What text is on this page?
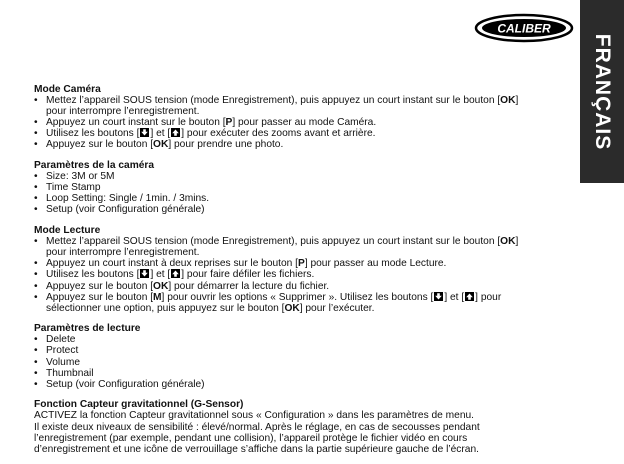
CALIBER
FRANÇAIS
Mode Caméra
• Mettez l’appareil SOUS tension (mode Enregistrement), puis appuyez un court instant sur le bouton [OK]
pour interrompre l’enregistrement.
• Appuyez un court instant sur le bouton [P] pour passer au mode Caméra.
• Utilisez les boutons [ ] et [ ] pour exécuter des zooms avant et arrière.
• Appuyez sur le bouton [OK] pour prendre une photo.
Paramètres de la caméra
• Size: 3M or 5M
• Time Stamp
• Loop Setting: Single / 1min. / 3mins.
• Setup (voir Configuration générale)
Mode Lecture
• Mettez l’appareil SOUS tension (mode Enregistrement), puis appuyez un court instant sur le bouton [OK]
pour interrompre l’enregistrement.
• Appuyez un court instant à deux reprises sur le bouton [P] pour passer au mode Lecture.
• Utilisez les boutons [ ] et [ ] pour faire défiler les fichiers.
• Appuyez sur le bouton [OK] pour démarrer la lecture du fichier.
• Appuyez sur le bouton [M] pour ouvrir les options « Supprimer ». Utilisez les boutons [ ] et [ ] pour
sélectionner une option, puis appuyez sur le bouton [OK] pour l’exécuter.
Paramètres de lecture
• Delete
• Protect
• Volume
• Thumbnail
• Setup (voir Configuration générale)
Fonction Capteur gravitationnel (G-Sensor)

ACTIVEZ la fonction Capteur gravitationnel sous « Configuration » dans les paramètres de menu.

Il existe deux niveaux de sensibilité : élevé/normal. Après le réglage, en cas de secousses pendant

l’enregistrement (par exemple, pendant une collision), l’appareil protège le fichier vidéo en cours

d’enregistrement et une icône de verrouillage s’affiche dans la partie supérieure gauche de l’écran.
